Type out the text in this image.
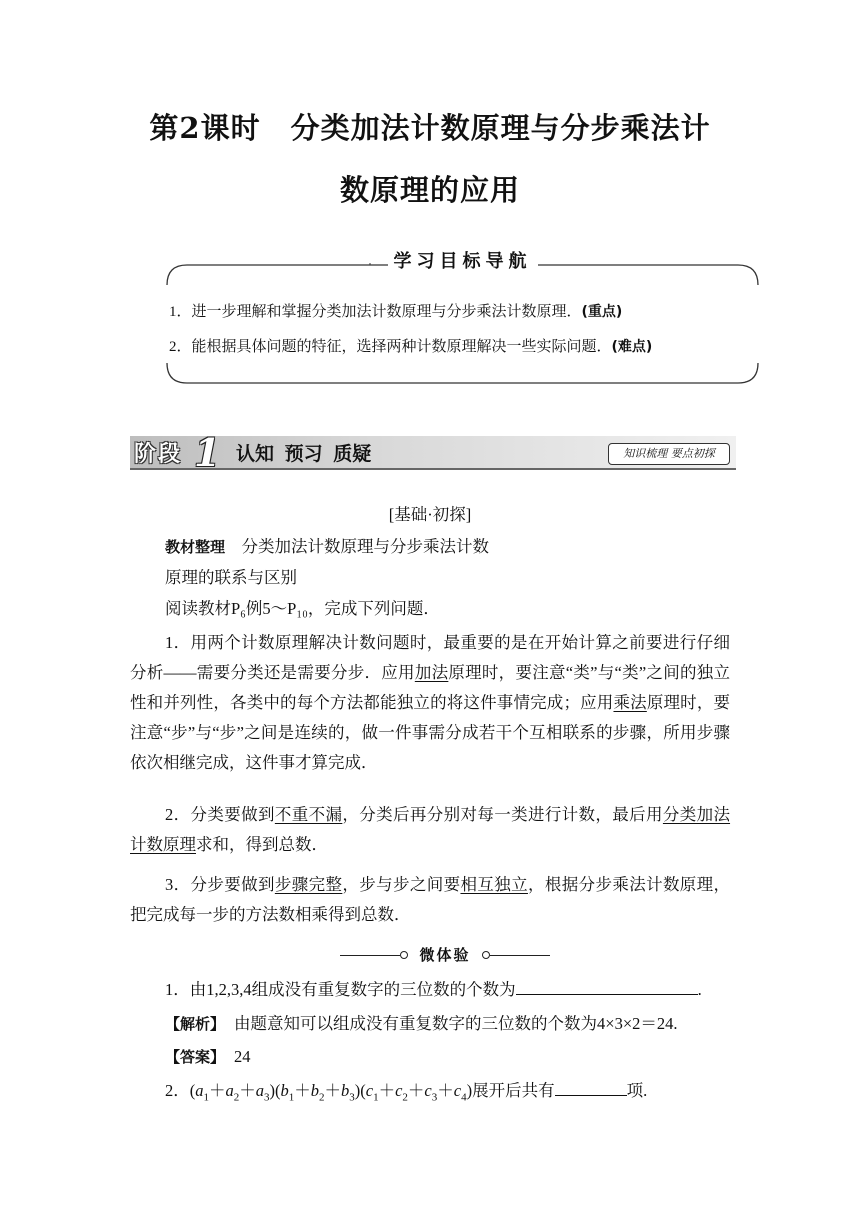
第2课时　分类加法计数原理与分步乘法计
数原理的应用
学习目标导航
1．进一步理解和掌握分类加法计数原理与分步乘法计数原理．(重点)
2．能根据具体问题的特征，选择两种计数原理解决一些实际问题．(难点)
阶段 1 认知 预习 质疑	知识梳理 要点初探
[基础·初探]
教材整理　 分类加法计数原理与分步乘法计数
原理的联系与区别
阅读教材P₆例5～P₁₀，完成下列问题．
1．用两个计数原理解决计数问题时，最重要的是在开始计算之前要进行仔细分析——需要分类还是需要分步．应用加法原理时，要注意“类”与“类”之间的独立性和并列性，各类中的每个方法都能独立的将这件事情完成；应用乘法原理时，要注意“步”与“步”之间是连续的，做一件事需分成若干个互相联系的步骤，所用步骤依次相继完成，这件事才算完成．
2．分类要做到不重不漏，分类后再分别对每一类进行计数，最后用分类加法计数原理求和，得到总数．
3．分步要做到步骤完整，步与步之间要相互独立，根据分步乘法计数原理，把完成每一步的方法数相乘得到总数．
微体验
1．由1,2,3,4组成没有重复数字的三位数的个数为	.
【解析】　 由题意知可以组成没有重复数字的三位数的个数为4×3×2＝24.
【答案】　 24
2．$(a_1+a_2+a_3)(b_1+b_2+b_3)(c_1+c_2+c_3+c_4)$展开后共有	项.
